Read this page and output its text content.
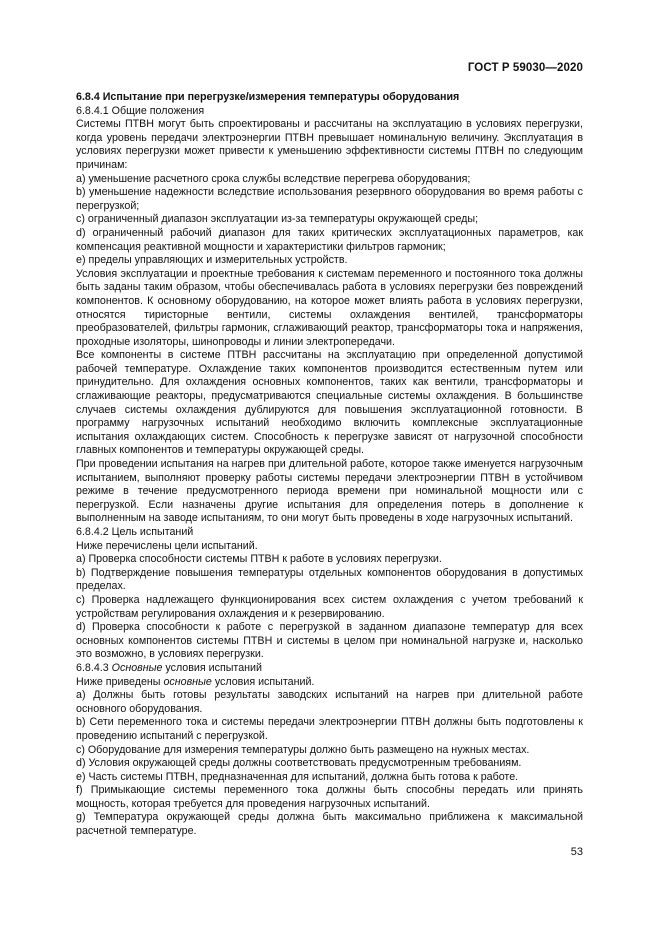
ГОСТ Р 59030—2020

6.8.4 Испытание при перегрузке/измерения температуры оборудования

6.8.4.1 Общие положения

Системы ПТВН могут быть спроектированы и рассчитаны на эксплуатацию в условиях перегрузки, когда уровень передачи электроэнергии ПТВН превышает номинальную величину. Эксплуатация в условиях перегрузки может привести к уменьшению эффективности системы ПТВН по следующим причинам:

a) уменьшение расчетного срока службы вследствие перегрева оборудования;

b) уменьшение надежности вследствие использования резервного оборудования во время работы с перегрузкой;

c) ограниченный диапазон эксплуатации из-за температуры окружающей среды;

d) ограниченный рабочий диапазон для таких критических эксплуатационных параметров, как компенсация реактивной мощности и характеристики фильтров гармоник;

e) пределы управляющих и измерительных устройств.

Условия эксплуатации и проектные требования к системам переменного и постоянного тока должны быть заданы таким образом, чтобы обеспечивалась работа в условиях перегрузки без повреждений компонентов. К основному оборудованию, на которое может влиять работа в условиях перегрузки, относятся тиристорные вентили, системы охлаждения вентилей, трансформаторы преобразователей, фильтры гармоник, сглаживающий реактор, трансформаторы тока и напряжения, проходные изоляторы, шинопроводы и линии электропередачи.

Все компоненты в системе ПТВН рассчитаны на эксплуатацию при определенной допустимой рабочей температуре. Охлаждение таких компонентов производится естественным путем или принудительно. Для охлаждения основных компонентов, таких как вентили, трансформаторы и сглаживающие реакторы, предусматриваются специальные системы охлаждения. В большинстве случаев системы охлаждения дублируются для повышения эксплуатационной готовности. В программу нагрузочных испытаний необходимо включить комплексные эксплуатационные испытания охлаждающих систем. Способность к перегрузке зависят от нагрузочной способности главных компонентов и температуры окружающей среды.

При проведении испытания на нагрев при длительной работе, которое также именуется нагрузочным испытанием, выполняют проверку работы системы передачи электроэнергии ПТВН в устойчивом режиме в течение предусмотренного периода времени при номинальной мощности или с перегрузкой. Если назначены другие испытания для определения потерь в дополнение к выполненным на заводе испытаниям, то они могут быть проведены в ходе нагрузочных испытаний.

6.8.4.2 Цель испытаний

Ниже перечислены цели испытаний.

a) Проверка способности системы ПТВН к работе в условиях перегрузки.

b) Подтверждение повышения температуры отдельных компонентов оборудования в допустимых пределах.

c) Проверка надлежащего функционирования всех систем охлаждения с учетом требований к устройствам регулирования охлаждения и к резервированию.

d) Проверка способности к работе с перегрузкой в заданном диапазоне температур для всех основных компонентов системы ПТВН и системы в целом при номинальной нагрузке и, насколько это возможно, в условиях перегрузки.

6.8.4.3 Основные условия испытаний

Ниже приведены основные условия испытаний.

a) Должны быть готовы результаты заводских испытаний на нагрев при длительной работе основного оборудования.

b) Сети переменного тока и системы передачи электроэнергии ПТВН должны быть подготовлены к проведению испытаний с перегрузкой.

c) Оборудование для измерения температуры должно быть размещено на нужных местах.

d) Условия окружающей среды должны соответствовать предусмотренным требованиям.

e) Часть системы ПТВН, предназначенная для испытаний, должна быть готова к работе.

f) Примыкающие системы переменного тока должны быть способны передать или принять мощность, которая требуется для проведения нагрузочных испытаний.

g) Температура окружающей среды должна быть максимально приближена к максимальной расчетной температуре.

53
